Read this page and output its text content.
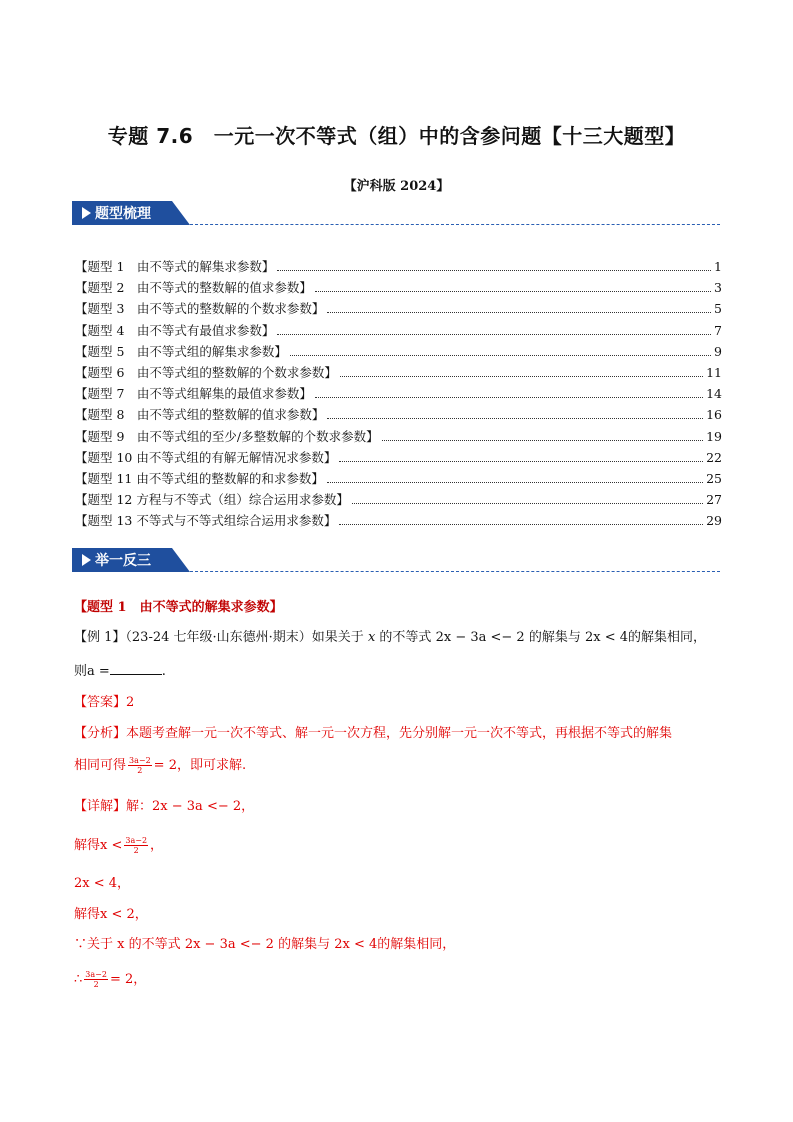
专题 7.6　一元一次不等式（组）中的含参问题【十三大题型】
【沪科版 2024】
题型梳理
【题型 1　由不等式的解集求参数】	1
【题型 2　由不等式的整数解的值求参数】	3
【题型 3　由不等式的整数解的个数求参数】	5
【题型 4　由不等式有最值求参数】	7
【题型 5　由不等式组的解集求参数】	9
【题型 6　由不等式组的整数解的个数求参数】	11
【题型 7　由不等式组解集的最值求参数】	14
【题型 8　由不等式组的整数解的值求参数】	16
【题型 9　由不等式组的至少/多整数解的个数求参数】	19
【题型 10 由不等式组的有解无解情况求参数】	22
【题型 11 由不等式组的整数解的和求参数】	25
【题型 12 方程与不等式（组）综合运用求参数】	27
【题型 13 不等式与不等式组综合运用求参数】	29
举一反三
【题型 1　由不等式的解集求参数】
【例 1】（23-24 七年级·山东德州·期末）如果关于 x 的不等式 2x − 3a <− 2 的解集与 2x < 4的解集相同，
则a =	.
【答案】2
【分析】本题考查解一元一次不等式、解一元一次方程，先分别解一元一次不等式，再根据不等式的解集
相同可得 $\frac{3a-2}{2} = 2$，即可求解.
【详解】解：2x − 3a <− 2，
解得$x < \frac{3a-2}{2}$ ，
2x < 4，
解得x < 2，
∵关于 x 的不等式 2x − 3a <− 2 的解集与 2x < 4的解集相同，
∴ $\frac{3a-2}{2} = 2$，
